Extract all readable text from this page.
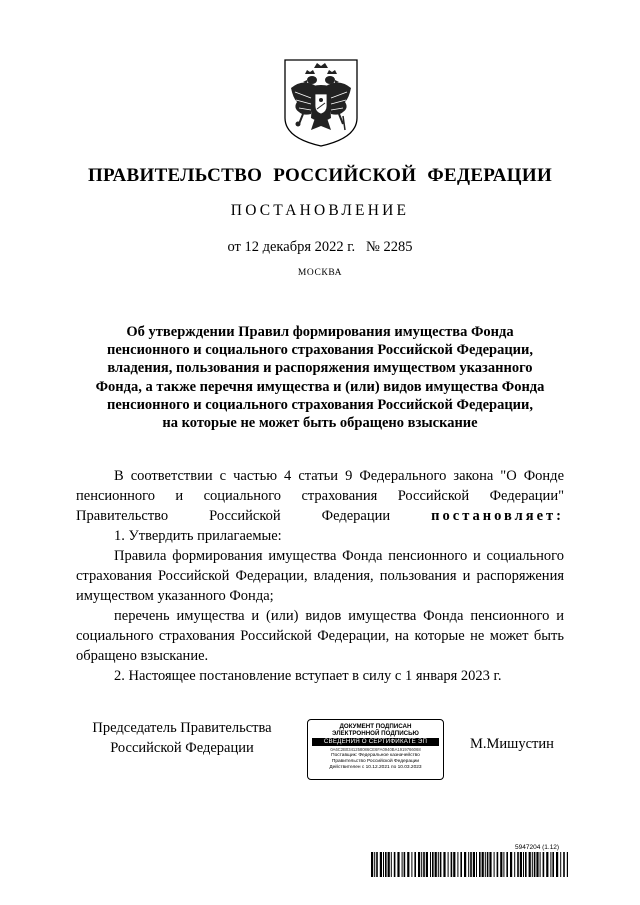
ПРАВИТЕЛЬСТВО РОССИЙСКОЙ ФЕДЕРАЦИИ
ПОСТАНОВЛЕНИЕ
от 12 декабря 2022 г.   № 2285
МОСКВА
Об утверждении Правил формирования имущества Фонда
пенсионного и социального страхования Российской Федерации,
владения, пользования и распоряжения имуществом указанного
Фонда, а также перечня имущества и (или) видов имущества Фонда
пенсионного и социального страхования Российской Федерации,
на которые не может быть обращено взыскание

В соответствии с частью 4 статьи 9 Федерального закона "О Фонде пенсионного и социального страхования Российской Федерации" Правительство Российской Федерации	постановляет:

1. Утвердить прилагаемые:

Правила формирования имущества Фонда пенсионного и социального страхования Российской Федерации, владения, пользования и распоряжения имуществом указанного Фонда;

перечень имущества и (или) видов имущества Фонда пенсионного и социального страхования Российской Федерации, на которые не может быть обращено взыскание.

2. Настоящее постановление вступает в силу с 1 января 2023 г.

Председатель Правительства
Российской Федерации
ДОКУМЕНТ ПОДПИСАН
ЭЛЕКТРОННОЙ ПОДПИСЬЮ
СВЕДЕНИЯ О СЕРТИФИКАТЕ ЭП
0A6C2B0341258086CE6FA0940BA1919766068
Поставщик: Федеральное казначейство
Правительство Российской Федерации
Действителен с 10.12.2021 по 10.03.2023
М.Мишустин
5947204 (1.12)
